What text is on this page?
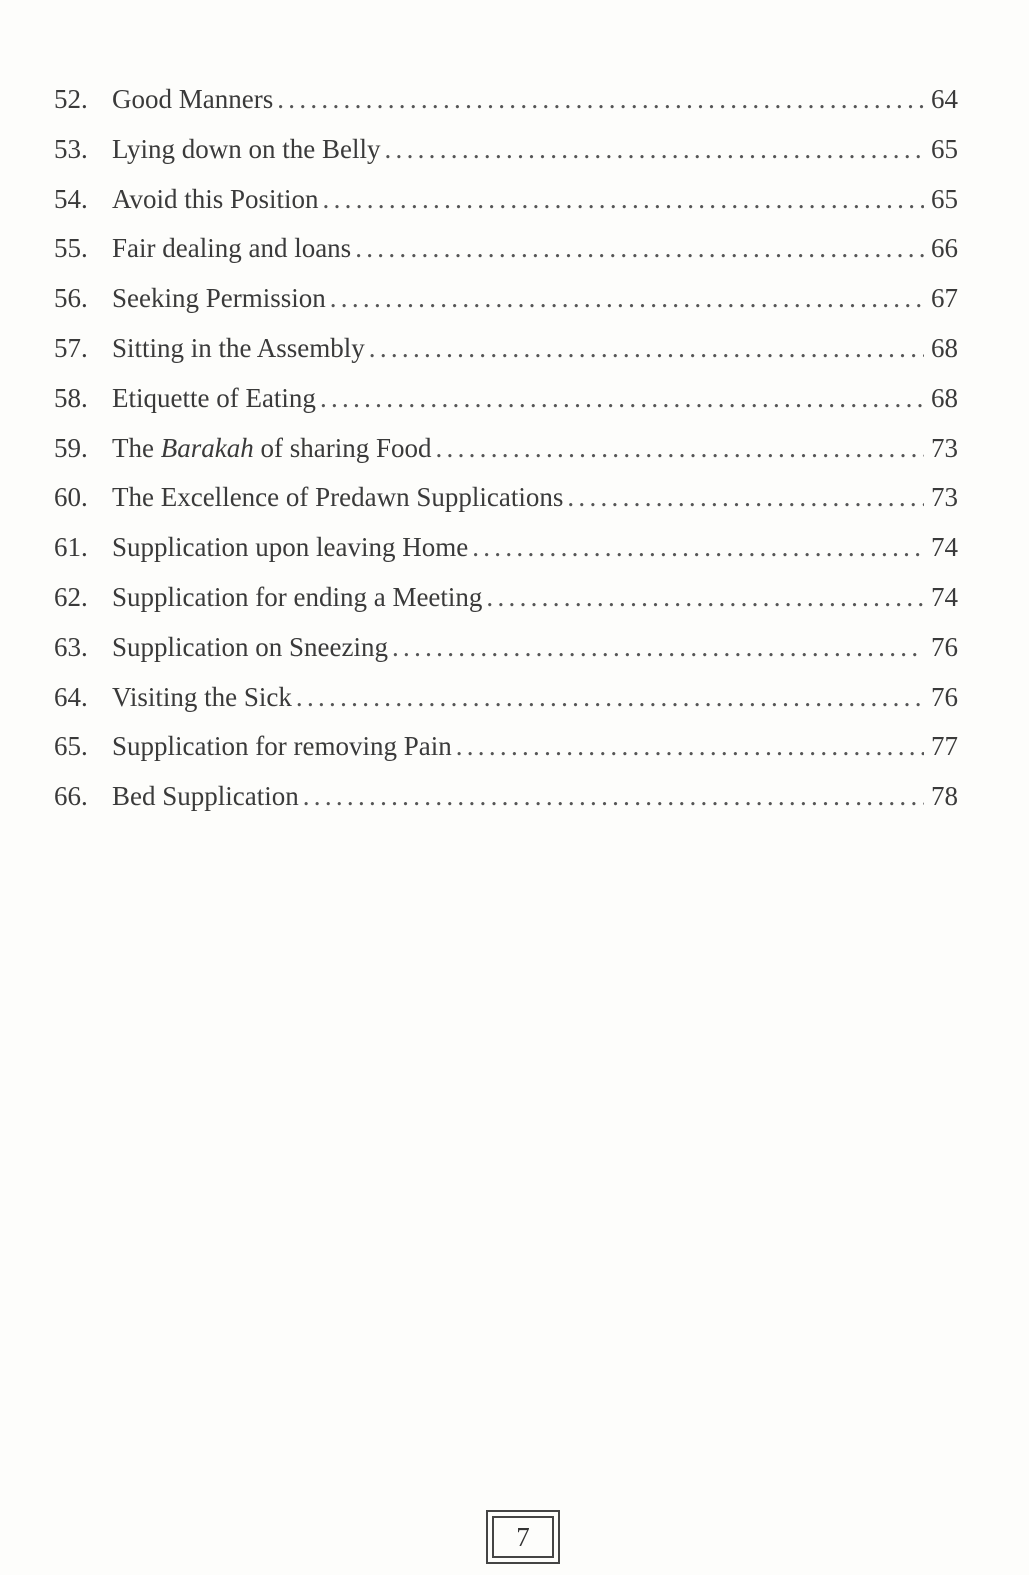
52. Good Manners .....	64
53. Lying down on the Belly .....	65
54. Avoid this Position .....	65
55. Fair dealing and loans .....	66
56. Seeking Permission .....	67
57. Sitting in the Assembly .....	68
58. Etiquette of Eating .....	68
59. The Barakah of sharing Food .....	73
60. The Excellence of Predawn Supplications .....	73
61. Supplication upon leaving Home .....	74
62. Supplication for ending a Meeting .....	74
63. Supplication on Sneezing .....	76
64. Visiting the Sick .....	76
65. Supplication for removing Pain .....	77
66. Bed Supplication .....	78
7
